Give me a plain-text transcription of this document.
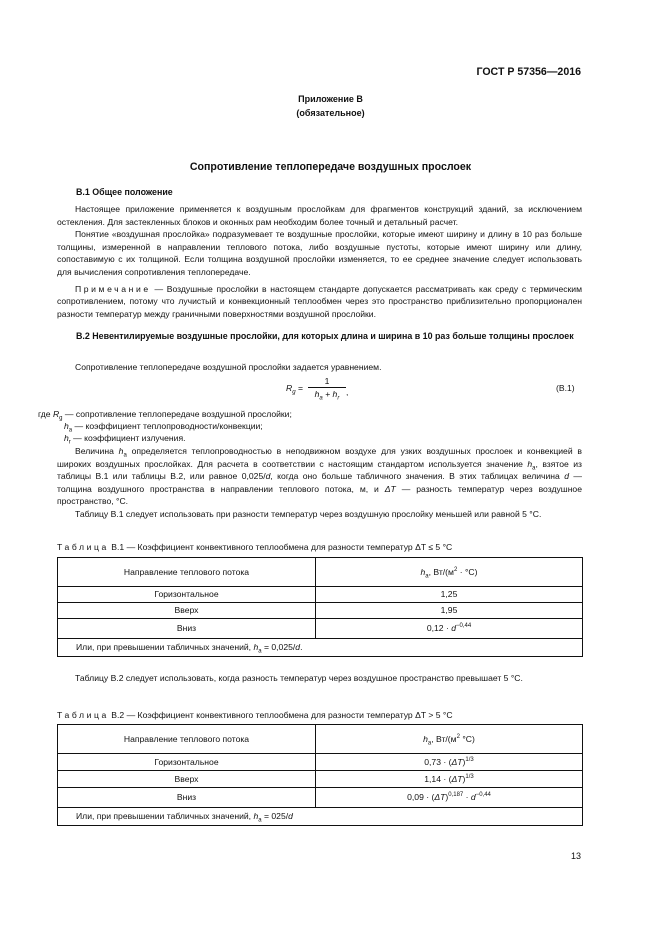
ГОСТ Р 57356—2016
Приложение В
(обязательное)
Сопротивление теплопередаче воздушных прослоек
В.1 Общее положение

Настоящее приложение применяется к воздушным прослойкам для фрагментов конструкций зданий, за исключением остекления. Для застекленных блоков и оконных рам необходим более точный и детальный расчет.

Понятие «воздушная прослойка» подразумевает те воздушные прослойки, которые имеют ширину и длину в 10 раз больше толщины, измеренной в направлении теплового потока, либо воздушные пустоты, которые имеют ширину или длину, сопоставимую с их толщиной. Если толщина воздушной прослойки изменяется, то ее среднее значение следует использовать для вычисления сопротивления теплопередаче.

Примечание — Воздушные прослойки в настоящем стандарте допускается рассматривать как среду с термическим сопротивлением, потому что лучистый и конвекционный теплообмен через это пространство приблизительно пропорционален разности температур между граничными поверхностями воздушной прослойки.

В.2 Невентилируемые воздушные прослойки, для которых длина и ширина в 10 раз больше толщины прослоек

Сопротивление теплопередаче воздушной прослойки задается уравнением.

$R_g = \frac{1}{h_a + h_r}$ ,	(В.1)
где $R_g$ — сопротивление теплопередаче воздушной прослойки;
$h_a$ — коэффициент теплопроводности/конвекции;
$h_r$ — коэффициент излучения.

Величина $h_a$ определяется теплопроводностью в неподвижном воздухе для узких воздушных прослоек и конвекцией в широких воздушных прослойках. Для расчета в соответствии с настоящим стандартом используется значение $h_a$, взятое из таблицы В.1 или таблицы В.2, или равное 0,025/d, когда оно больше табличного значения. В этих таблицах величина d — толщина воздушного пространства в направлении теплового потока, м, и ΔT — разность температур через воздушное пространство, °С.

Таблицу В.1 следует использовать при разности температур через воздушную прослойку меньшей или равной 5 °С.

Таблица В.1 — Коэффициент конвективного теплообмена для разности температур ΔT ≤ 5 °С
Направление теплового потока	$h_a$, $Вт/(м^2 \cdot ^\circ С)$
Горизонтальное	1,25
Вверх	1,95
Вниз	$0,12 \cdot d^{-0,44}$
Или, при превышении табличных значений, $h_a = 0,025/d$.	

Таблицу В.2 следует использовать, когда разность температур через воздушное пространство превышает 5 °С.

Таблица В.2 — Коэффициент конвективного теплообмена для разности температур ΔT > 5 °С
Направление теплового потока	$h_a$, $Вт/(м^2$ °С)
Горизонтальное	$0,73 \cdot (\Delta T)^{1/3}$
Вверх	$1,14 \cdot (\Delta T)^{1/3}$
Вниз	$0,09 \cdot (\Delta T)^{0,187} \cdot d^{-0,44}$
Или, при превышении табличных значений, $h_a = 025/d$	
13
